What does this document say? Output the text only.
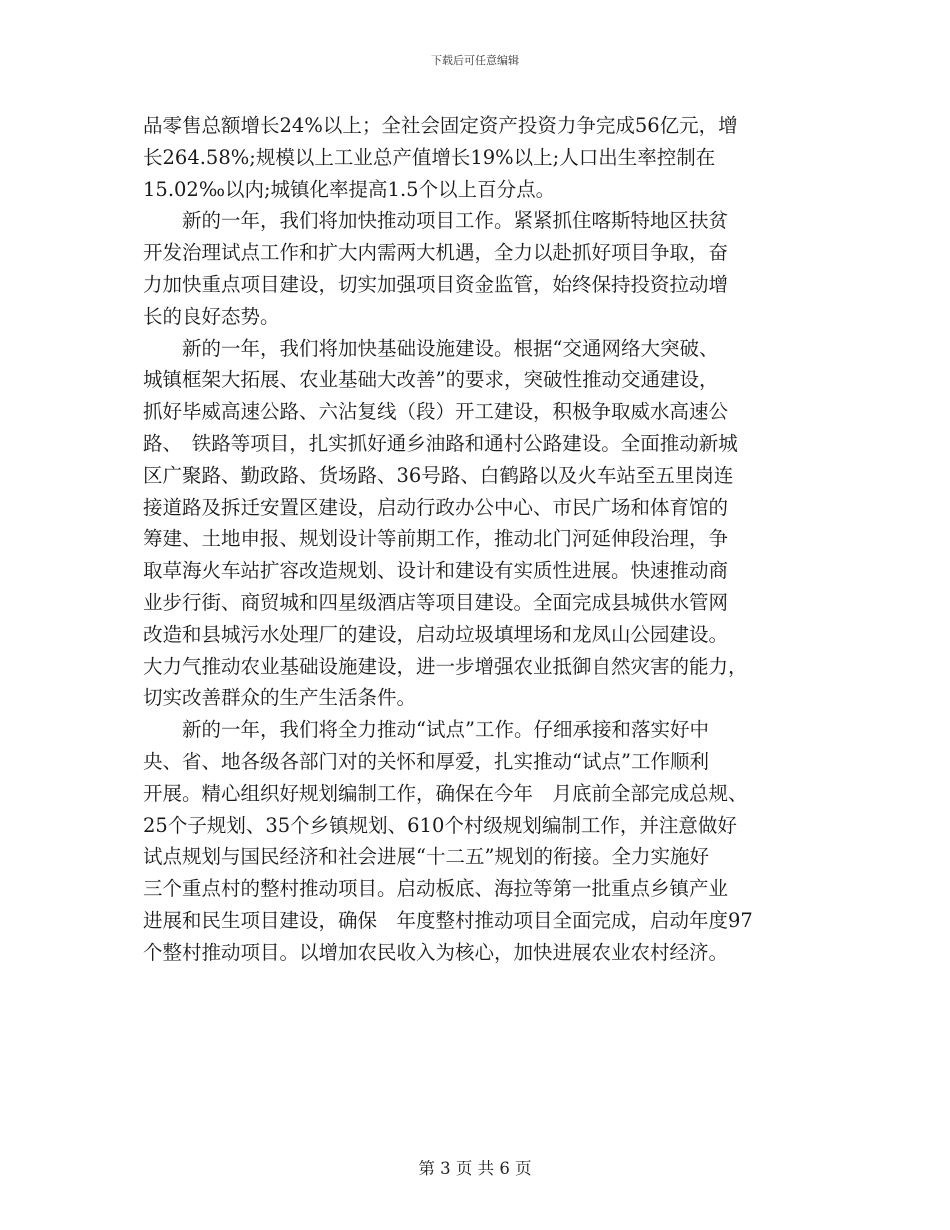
下载后可任意编辑
品零售总额增长24%以上；全社会固定资产投资力争完成56亿元，增
长264.58%;规模以上工业总产值增长19%以上;人口出生率控制在
15.02‰以内;城镇化率提高1.5个以上百分点。
　　新的一年，我们将加快推动项目工作。紧紧抓住喀斯特地区扶贫
开发治理试点工作和扩大内需两大机遇，全力以赴抓好项目争取，奋
力加快重点项目建设，切实加强项目资金监管，始终保持投资拉动增
长的良好态势。
　　新的一年，我们将加快基础设施建设。根据“交通网络大突破、
城镇框架大拓展、农业基础大改善”的要求，突破性推动交通建设，
抓好毕威高速公路、六沾复线（段）开工建设，积极争取威水高速公
路、　铁路等项目，扎实抓好通乡油路和通村公路建设。全面推动新城
区广聚路、勤政路、货场路、36号路、白鹤路以及火车站至五里岗连
接道路及拆迁安置区建设，启动行政办公中心、市民广场和体育馆的
筹建、土地申报、规划设计等前期工作，推动北门河延伸段治理，争
取草海火车站扩容改造规划、设计和建设有实质性进展。快速推动商
业步行街、商贸城和四星级酒店等项目建设。全面完成县城供水管网
改造和县城污水处理厂的建设，启动垃圾填埋场和龙凤山公园建设。
大力气推动农业基础设施建设，进一步增强农业抵御自然灾害的能力，
切实改善群众的生产生活条件。
　　新的一年，我们将全力推动“试点”工作。仔细承接和落实好中
央、省、地各级各部门对的关怀和厚爱，扎实推动“试点”工作顺利
开展。精心组织好规划编制工作，确保在今年　月底前全部完成总规、
25个子规划、35个乡镇规划、610个村级规划编制工作，并注意做好
试点规划与国民经济和社会进展“十二五”规划的衔接。全力实施好
三个重点村的整村推动项目。启动板底、海拉等第一批重点乡镇产业
进展和民生项目建设，确保　年度整村推动项目全面完成，启动年度97
个整村推动项目。以增加农民收入为核心，加快进展农业农村经济。
第 3 页 共 6 页
